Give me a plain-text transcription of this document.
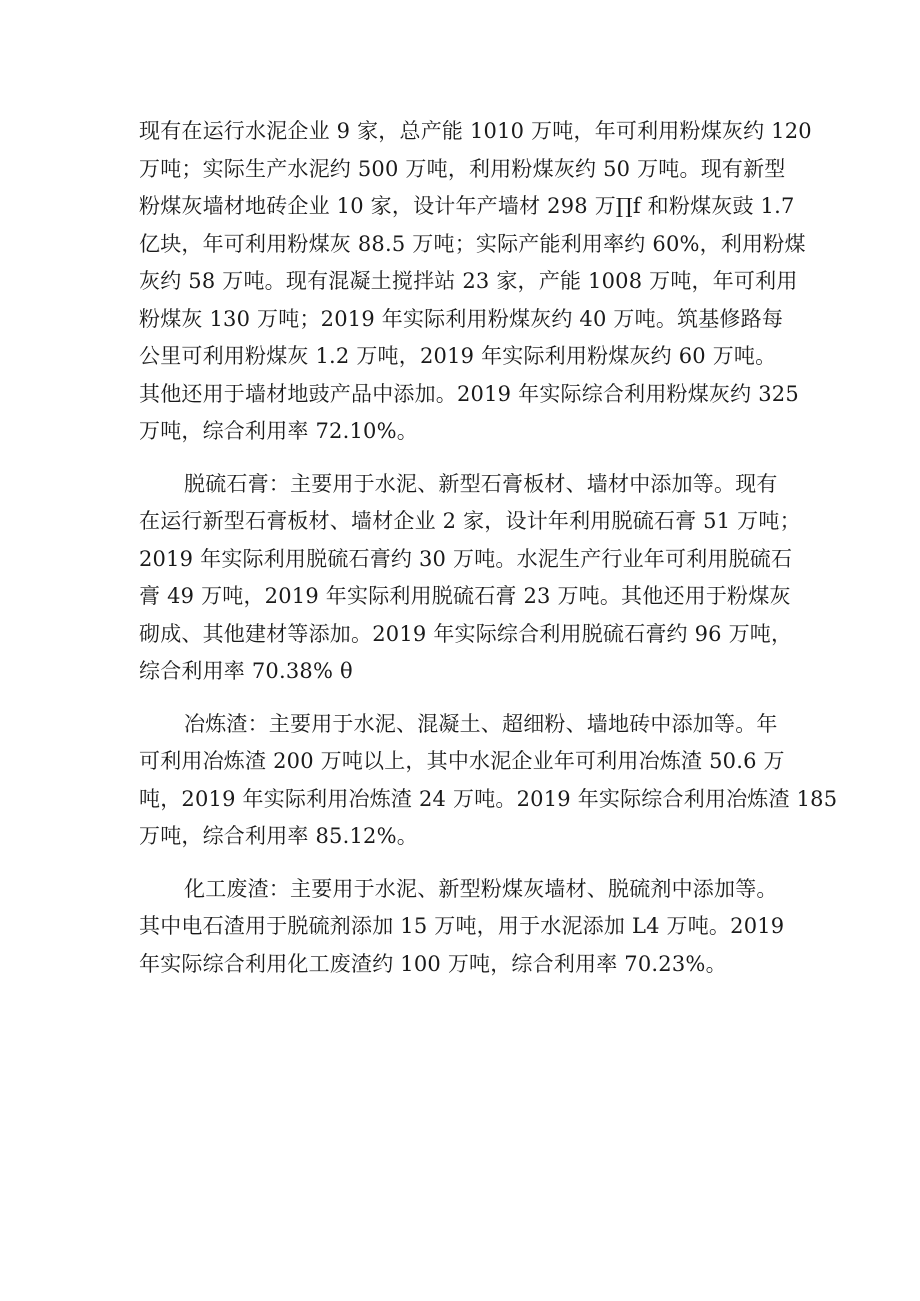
现有在运行水泥企业 9 家，总产能 1010 万吨，年可利用粉煤灰约 120
万吨；实际生产水泥约 500 万吨，利用粉煤灰约 50 万吨。现有新型
粉煤灰墙材地砖企业 10 家，设计年产墙材 298 万∏f 和粉煤灰豉 1.7
亿块，年可利用粉煤灰 88.5 万吨；实际产能利用率约 60%，利用粉煤
灰约 58 万吨。现有混凝土搅拌站 23 家，产能 1008 万吨，年可利用
粉煤灰 130 万吨；2019 年实际利用粉煤灰约 40 万吨。筑基修路每
公里可利用粉煤灰 1.2 万吨，2019 年实际利用粉煤灰约 60 万吨。
其他还用于墙材地豉产品中添加。2019 年实际综合利用粉煤灰约 325
万吨，综合利用率 72.10%。
脱硫石膏：主要用于水泥、新型石膏板材、墙材中添加等。现有
在运行新型石膏板材、墙材企业 2 家，设计年利用脱硫石膏 51 万吨；
2019 年实际利用脱硫石膏约 30 万吨。水泥生产行业年可利用脱硫石
膏 49 万吨，2019 年实际利用脱硫石膏 23 万吨。其他还用于粉煤灰
砌成、其他建材等添加。2019 年实际综合利用脱硫石膏约 96 万吨，
综合利用率 70.38% θ
冶炼渣：主要用于水泥、混凝土、超细粉、墙地砖中添加等。年
可利用冶炼渣 200 万吨以上，其中水泥企业年可利用冶炼渣 50.6 万
吨，2019 年实际利用冶炼渣 24 万吨。2019 年实际综合利用冶炼渣 185
万吨，综合利用率 85.12%。
化工废渣：主要用于水泥、新型粉煤灰墙材、脱硫剂中添加等。
其中电石渣用于脱硫剂添加 15 万吨，用于水泥添加 L4 万吨。2019
年实际综合利用化工废渣约 100 万吨，综合利用率 70.23%。
